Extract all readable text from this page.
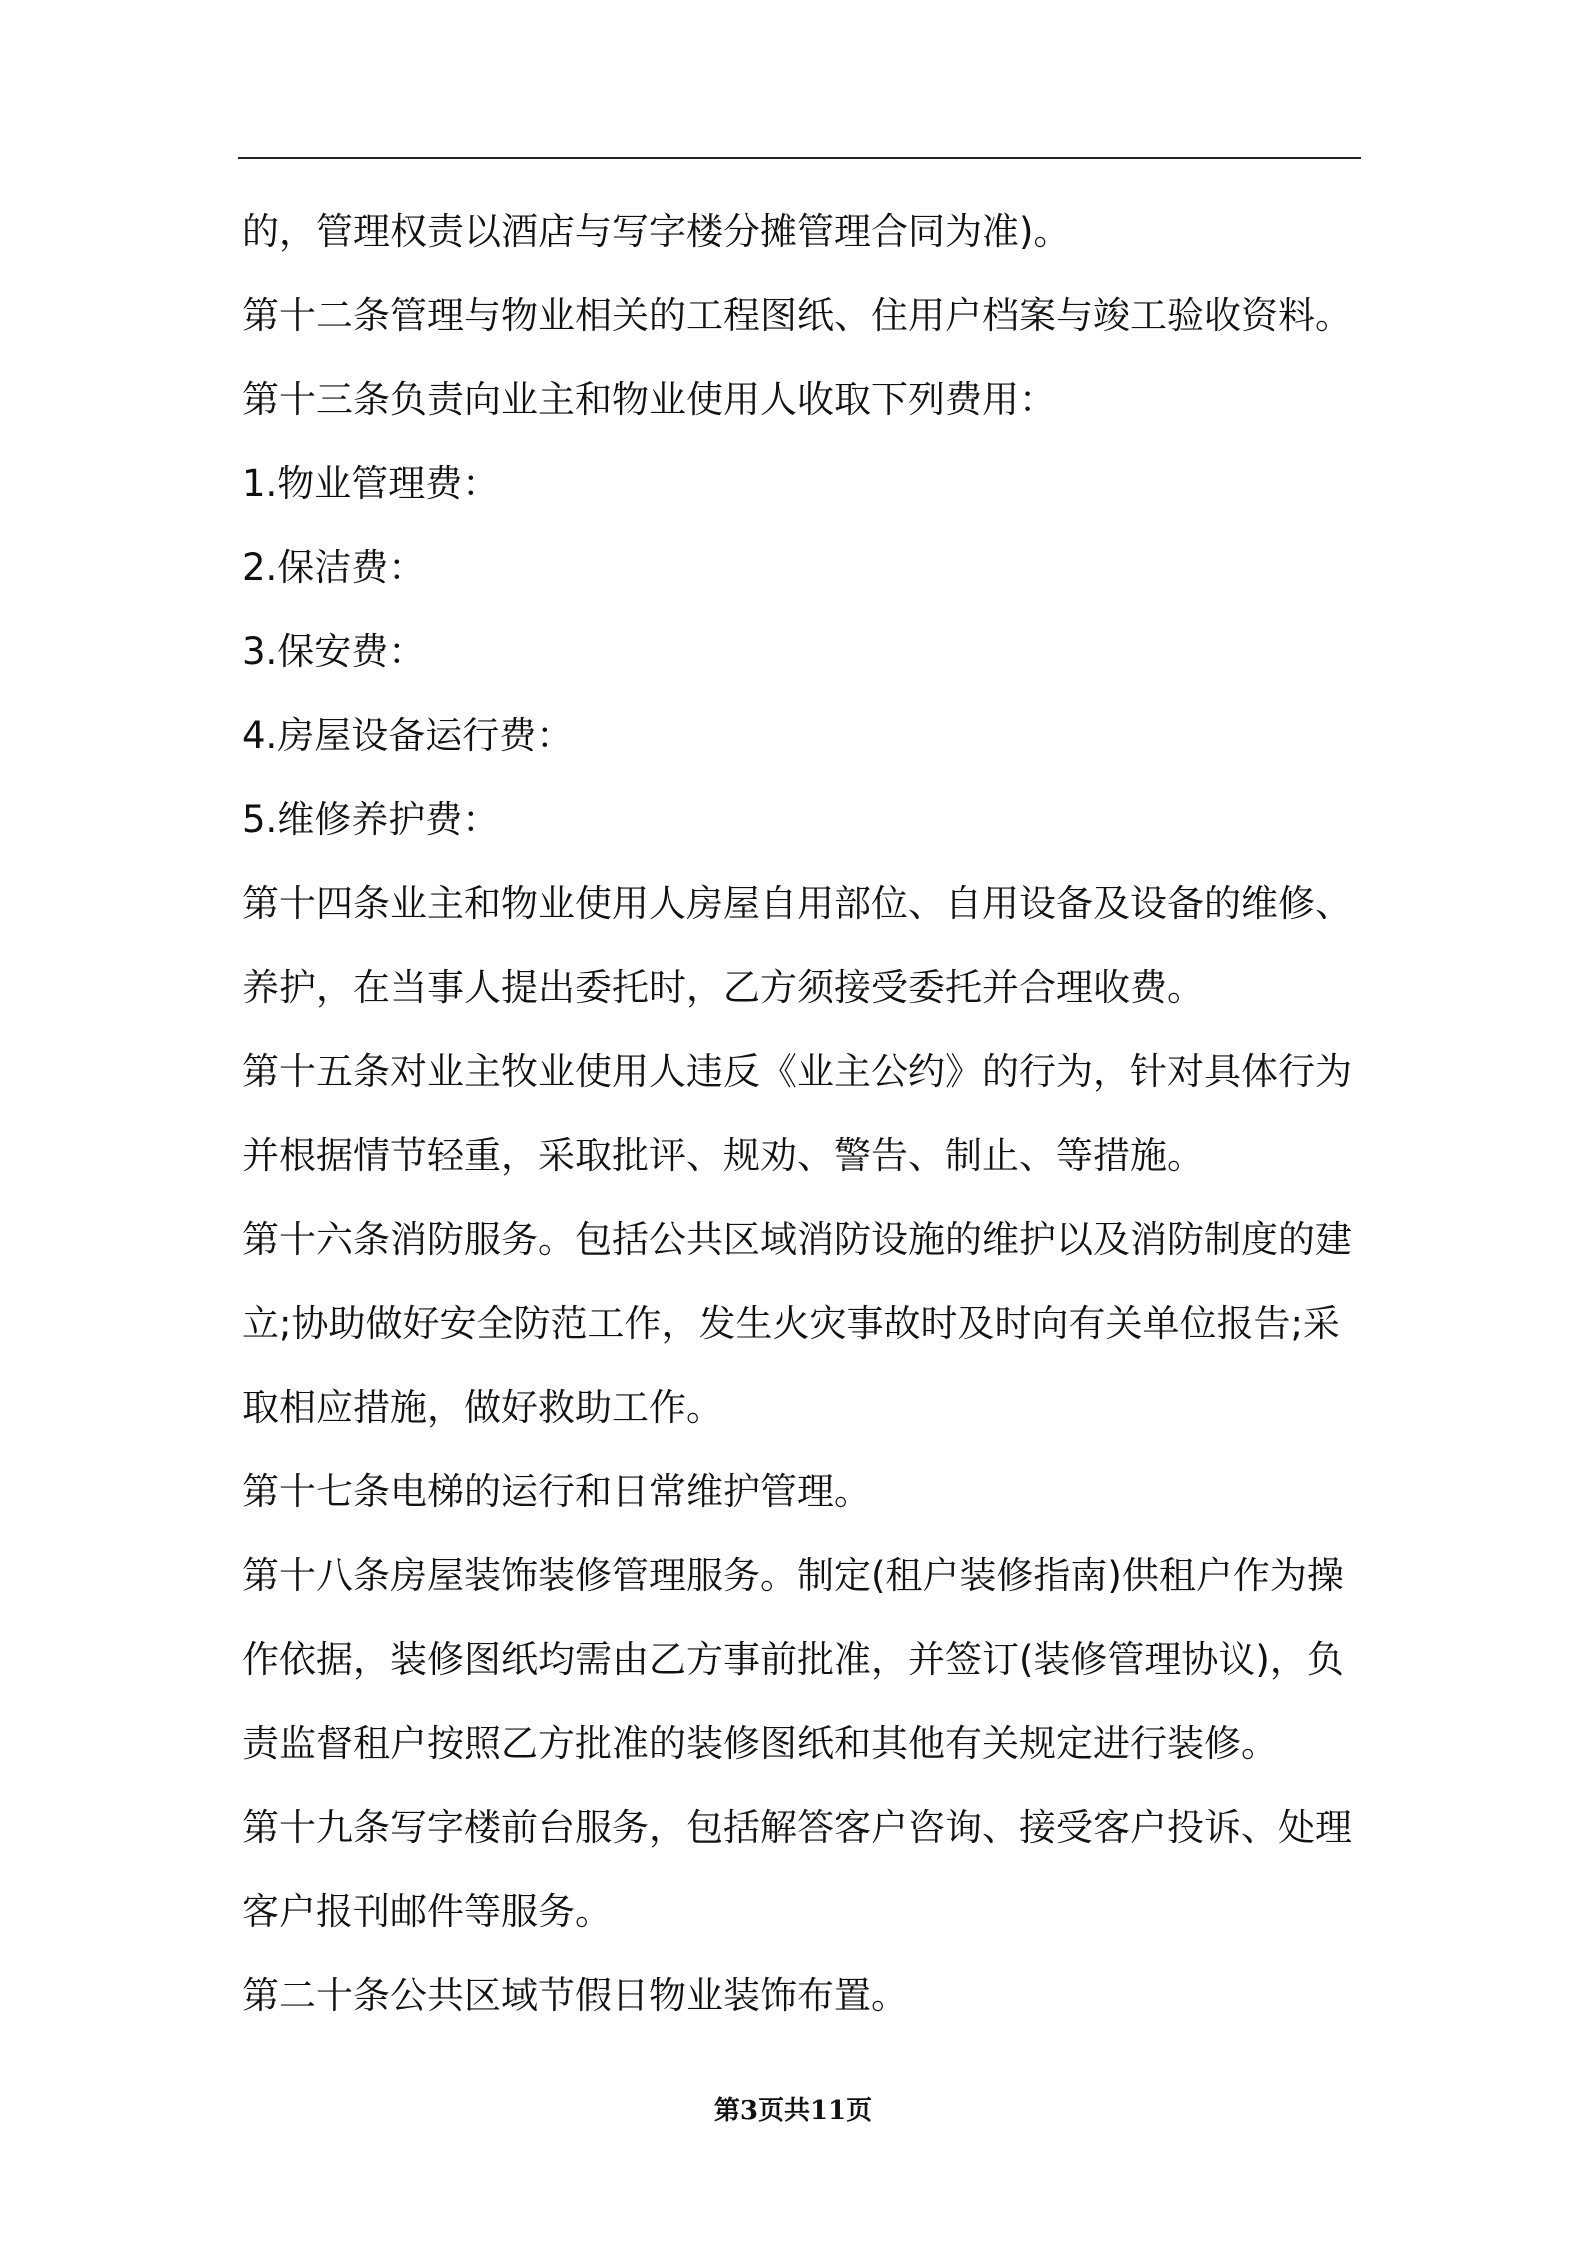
的，管理权责以酒店与写字楼分摊管理合同为准)。
第十二条管理与物业相关的工程图纸、住用户档案与竣工验收资料。
第十三条负责向业主和物业使用人收取下列费用：
1.物业管理费：
2.保洁费：
3.保安费：
4.房屋设备运行费：
5.维修养护费：
第十四条业主和物业使用人房屋自用部位、自用设备及设备的维修、
养护，在当事人提出委托时，乙方须接受委托并合理收费。
第十五条对业主牧业使用人违反《业主公约》的行为，针对具体行为
并根据情节轻重，采取批评、规劝、警告、制止、等措施。
第十六条消防服务。包括公共区域消防设施的维护以及消防制度的建
立;协助做好安全防范工作，发生火灾事故时及时向有关单位报告;采
取相应措施，做好救助工作。
第十七条电梯的运行和日常维护管理。
第十八条房屋装饰装修管理服务。制定(租户装修指南)供租户作为操
作依据，装修图纸均需由乙方事前批准，并签订(装修管理协议)，负
责监督租户按照乙方批准的装修图纸和其他有关规定进行装修。
第十九条写字楼前台服务，包括解答客户咨询、接受客户投诉、处理
客户报刊邮件等服务。
第二十条公共区域节假日物业装饰布置。
第3页共11页
